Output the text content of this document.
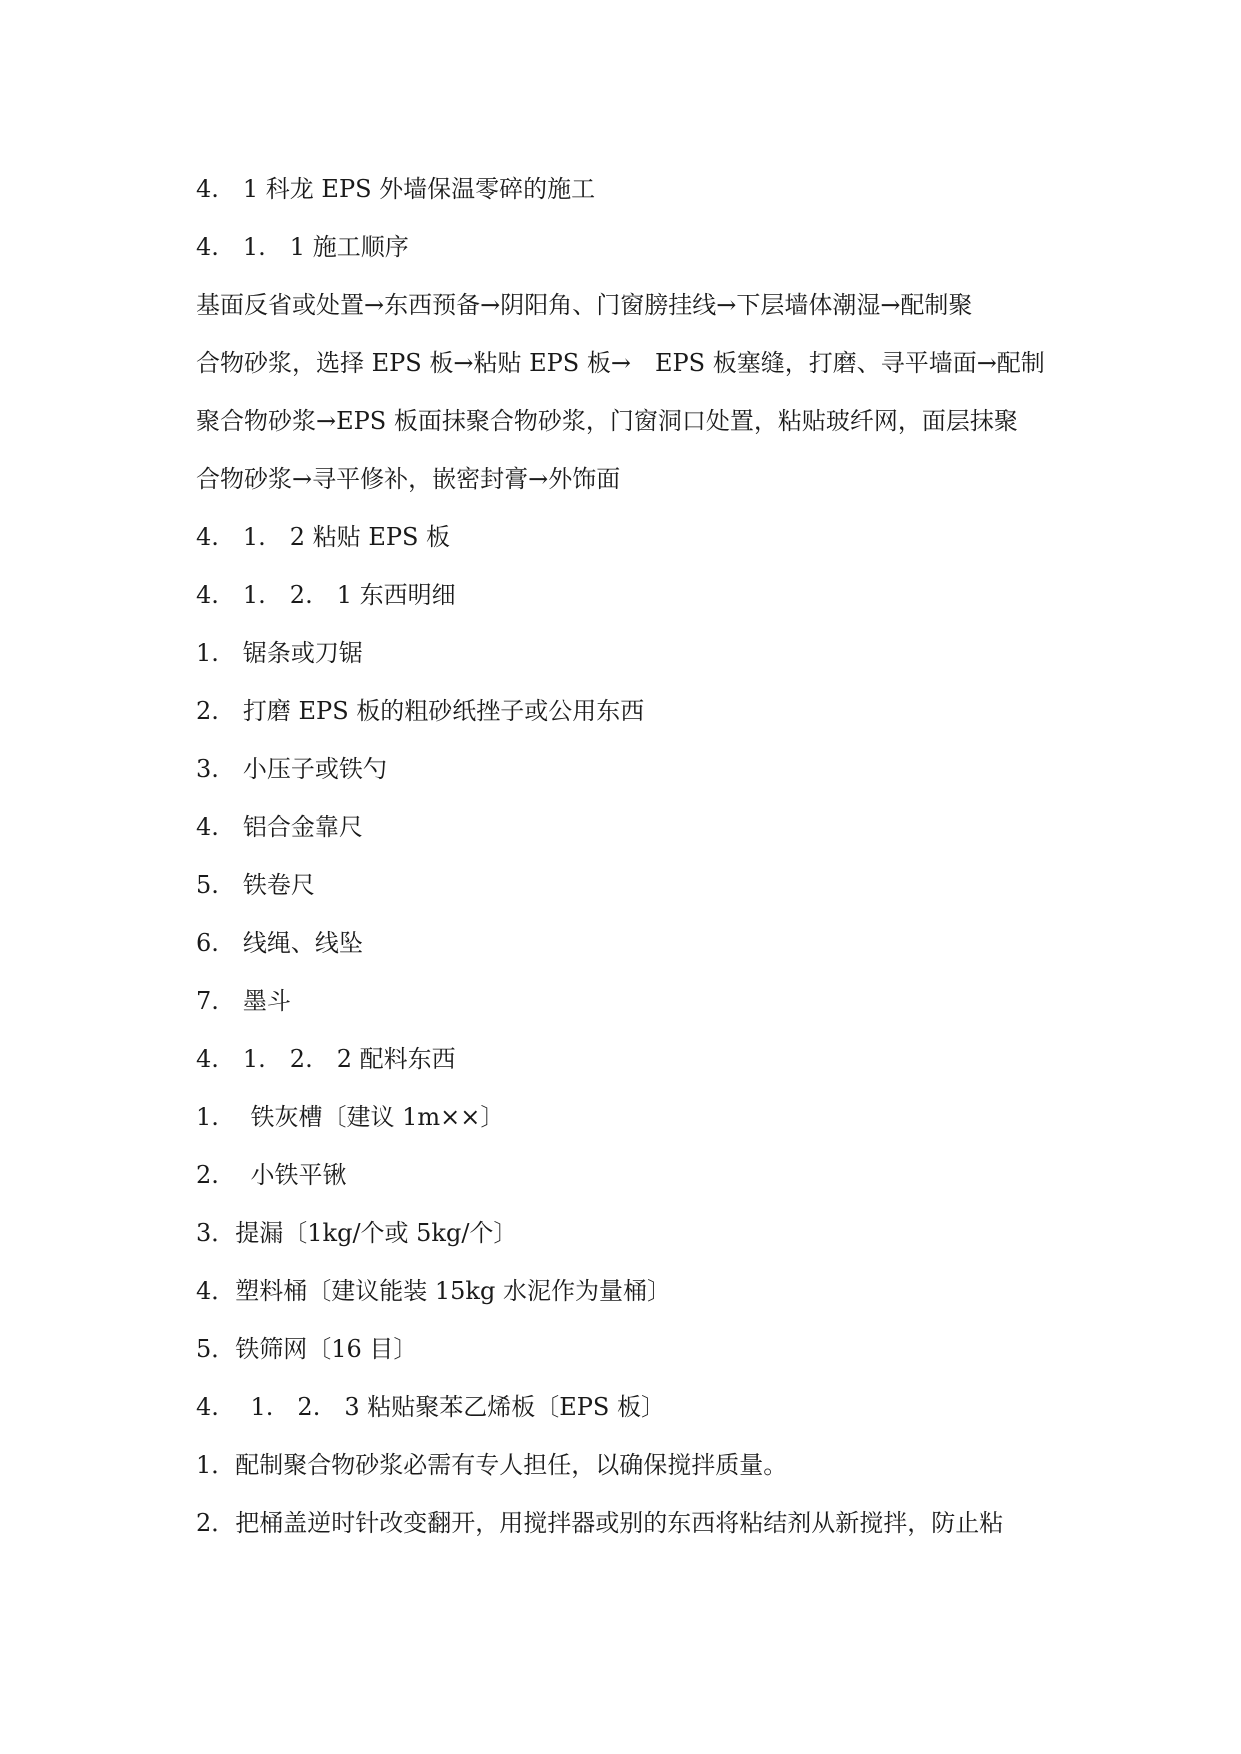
4.　1 科龙 EPS 外墙保温零碎的施工
4.　1.　1 施工顺序
基面反省或处置→东西预备→阴阳角、门窗膀挂线→下层墙体潮湿→配制聚
合物砂浆，选择 EPS 板→粘贴 EPS 板→　EPS 板塞缝，打磨、寻平墙面→配制
聚合物砂浆→EPS 板面抹聚合物砂浆，门窗洞口处置，粘贴玻纤网，面层抹聚
合物砂浆→寻平修补，嵌密封膏→外饰面
4.　1.　2 粘贴 EPS 板
4.　1.　2.　1 东西明细
1.　锯条或刀锯
2.　打磨 EPS 板的粗砂纸挫子或公用东西
3.　小压子或铁勺
4.　铝合金靠尺
5.　铁卷尺
6.　线绳、线坠
7.　墨斗
4.　1.　2.　2 配料东西
1.　 铁灰槽〔建议 1m××〕
2.　 小铁平锹
3．提漏〔1kg/个或 5kg/个〕
4．塑料桶〔建议能装 15kg 水泥作为量桶〕
5．铁筛网〔16 目〕
4.　 1.　2.　3 粘贴聚苯乙烯板〔EPS 板〕
1．配制聚合物砂浆必需有专人担任，以确保搅拌质量。
2．把桶盖逆时针改变翻开，用搅拌器或别的东西将粘结剂从新搅拌，防止粘
